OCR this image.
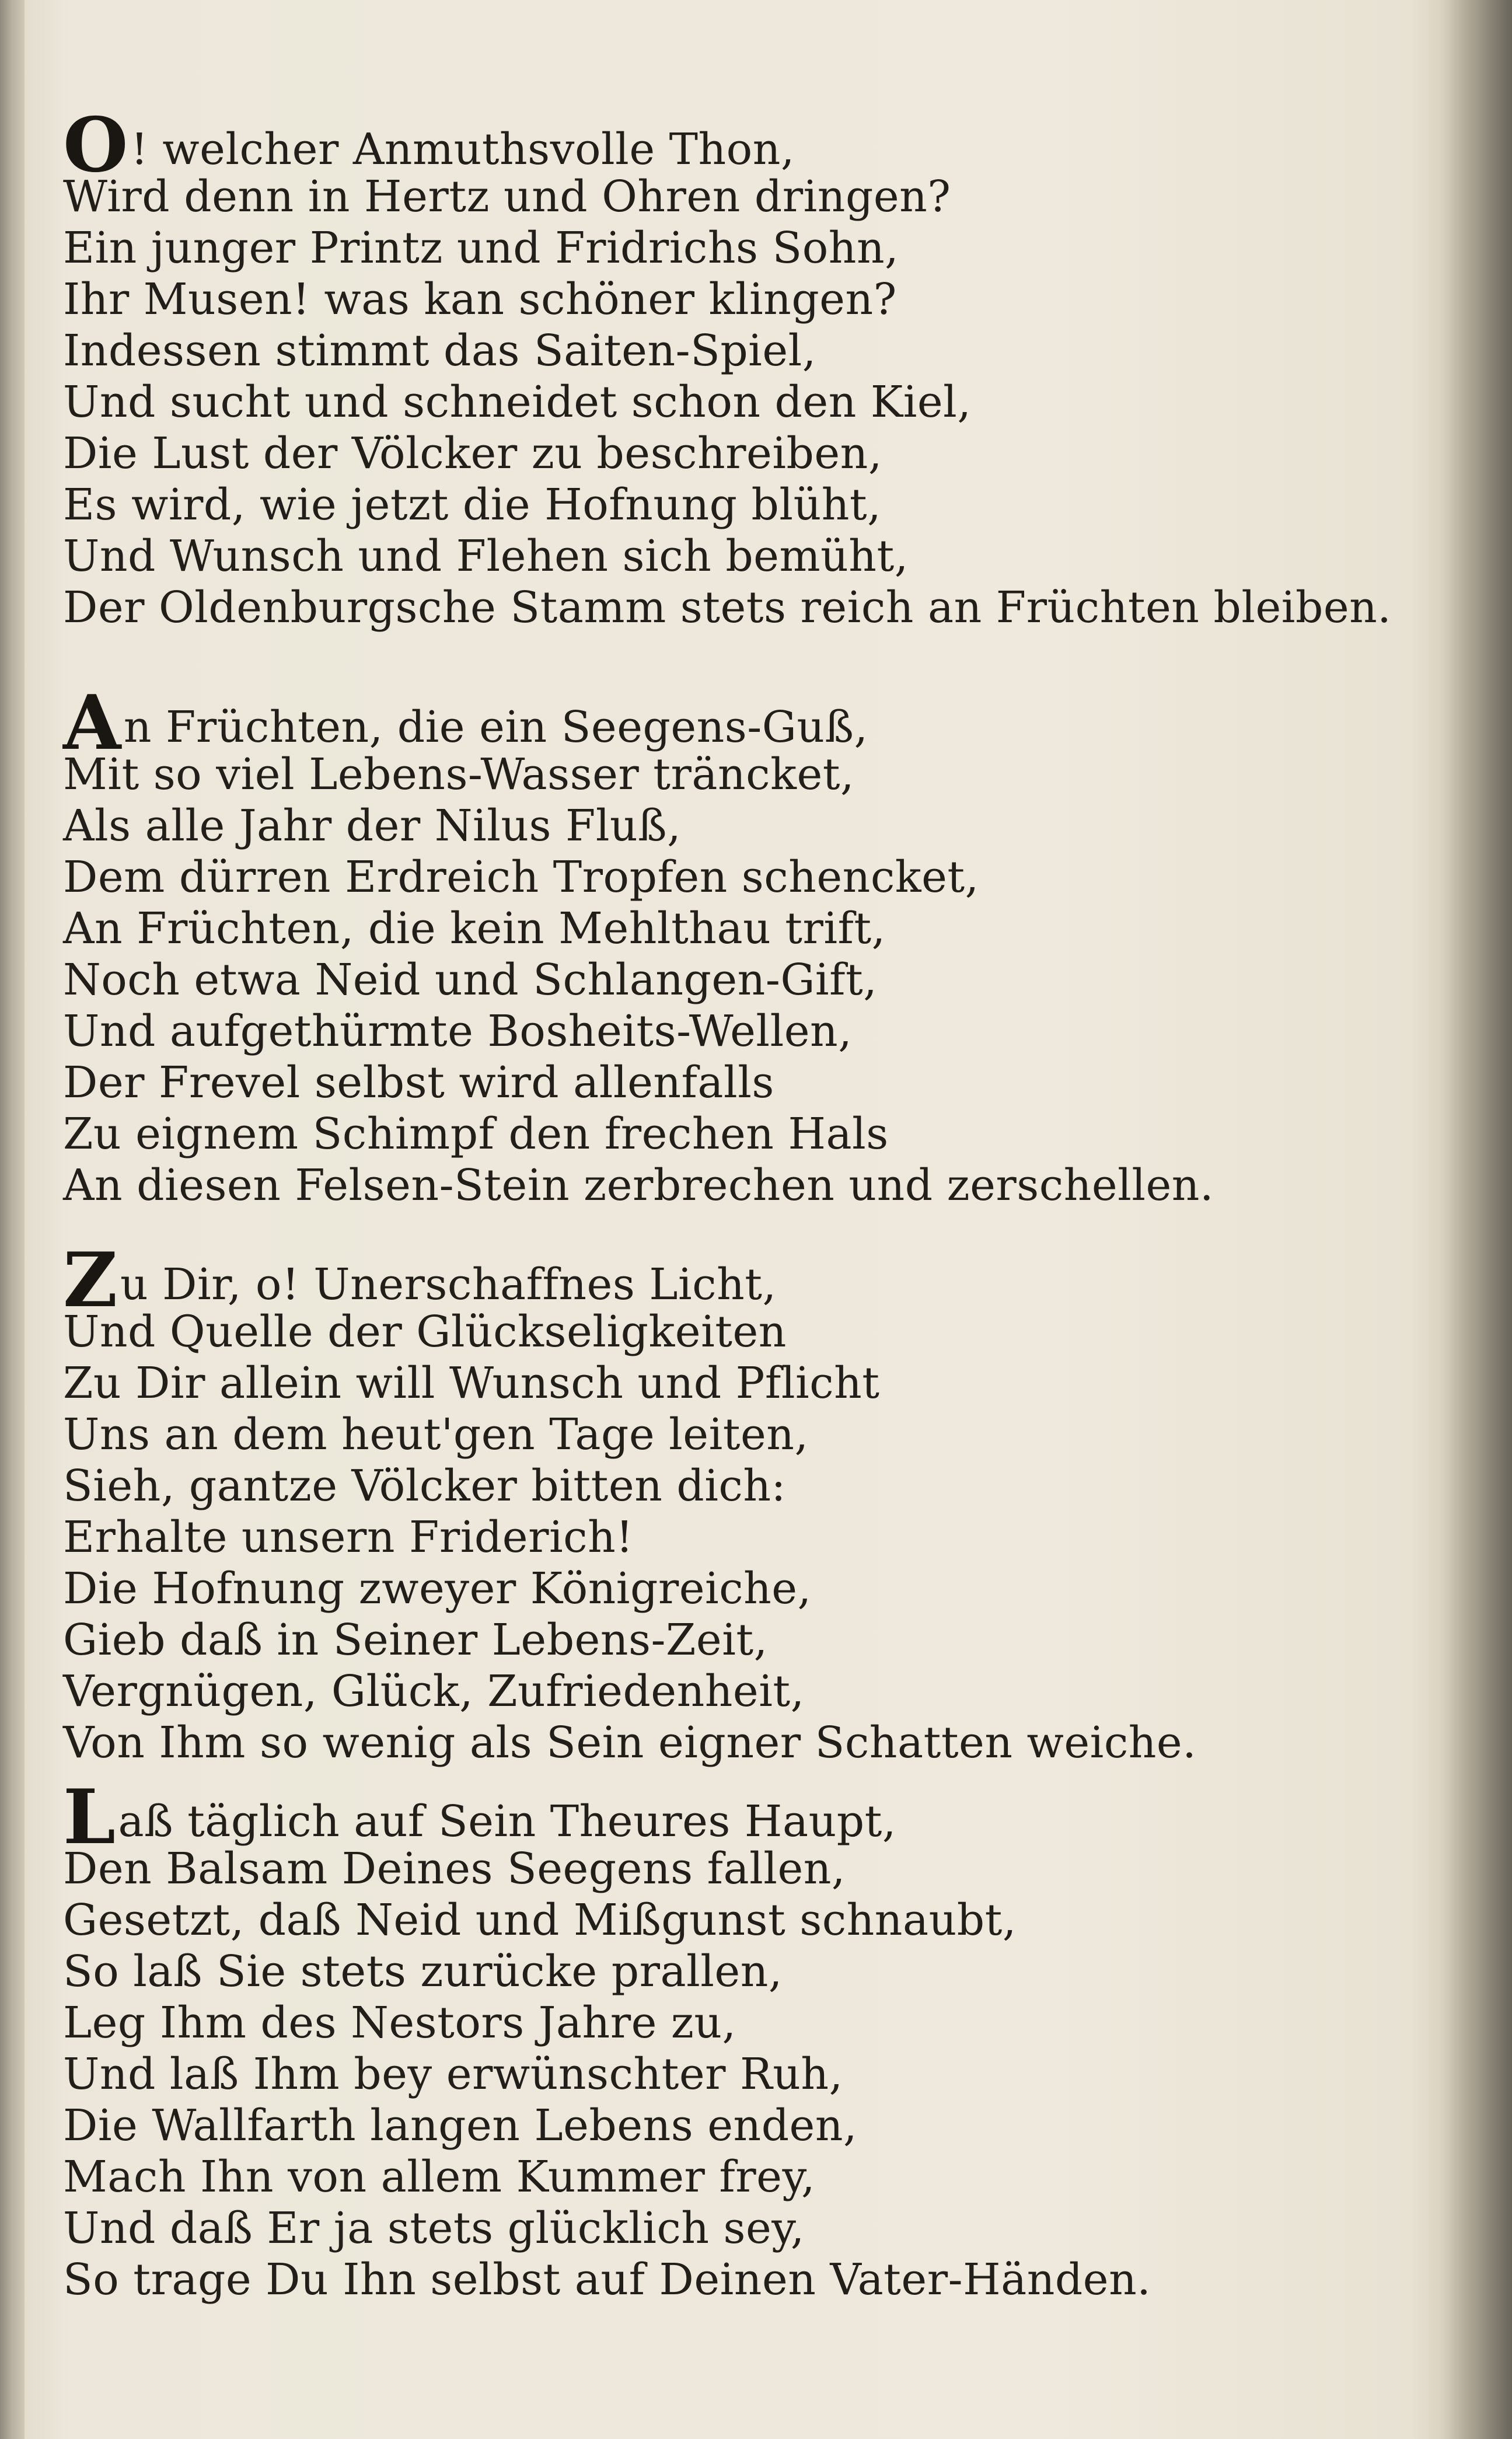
O! welcher Anmuthsvolle Thon,
Wird denn in Hertz und Ohren dringen?
Ein junger Printz und Fridrichs Sohn,
Ihr Musen! was kan schöner klingen?
Indessen stimmt das Saiten-Spiel,
Und sucht und schneidet schon den Kiel,
Die Lust der Völcker zu beschreiben,
Es wird, wie jetzt die Hofnung blüht,
Und Wunsch und Flehen sich bemüht,
Der Oldenburgsche Stamm stets reich an Früchten bleiben.
An Früchten, die ein Seegens-Guß,
Mit so viel Lebens-Wasser träncket,
Als alle Jahr der Nilus Fluß,
Dem dürren Erdreich Tropfen schencket,
An Früchten, die kein Mehlthau trift,
Noch etwa Neid und Schlangen-Gift,
Und aufgethürmte Bosheits-Wellen,
Der Frevel selbst wird allenfalls
Zu eignem Schimpf den frechen Hals
An diesen Felsen-Stein zerbrechen und zerschellen.
Zu Dir, o! Unerschaffnes Licht,
Und Quelle der Glückseligkeiten
Zu Dir allein will Wunsch und Pflicht
Uns an dem heut'gen Tage leiten,
Sieh, gantze Völcker bitten dich:
Erhalte unsern Friderich!
Die Hofnung zweyer Königreiche,
Gieb daß in Seiner Lebens-Zeit,
Vergnügen, Glück, Zufriedenheit,
Von Ihm so wenig als Sein eigner Schatten weiche.
Laß täglich auf Sein Theures Haupt,
Den Balsam Deines Seegens fallen,
Gesetzt, daß Neid und Mißgunst schnaubt,
So laß Sie stets zurücke prallen,
Leg Ihm des Nestors Jahre zu,
Und laß Ihm bey erwünschter Ruh,
Die Wallfarth langen Lebens enden,
Mach Ihn von allem Kummer frey,
Und daß Er ja stets glücklich sey,
So trage Du Ihn selbst auf Deinen Vater-Händen.
